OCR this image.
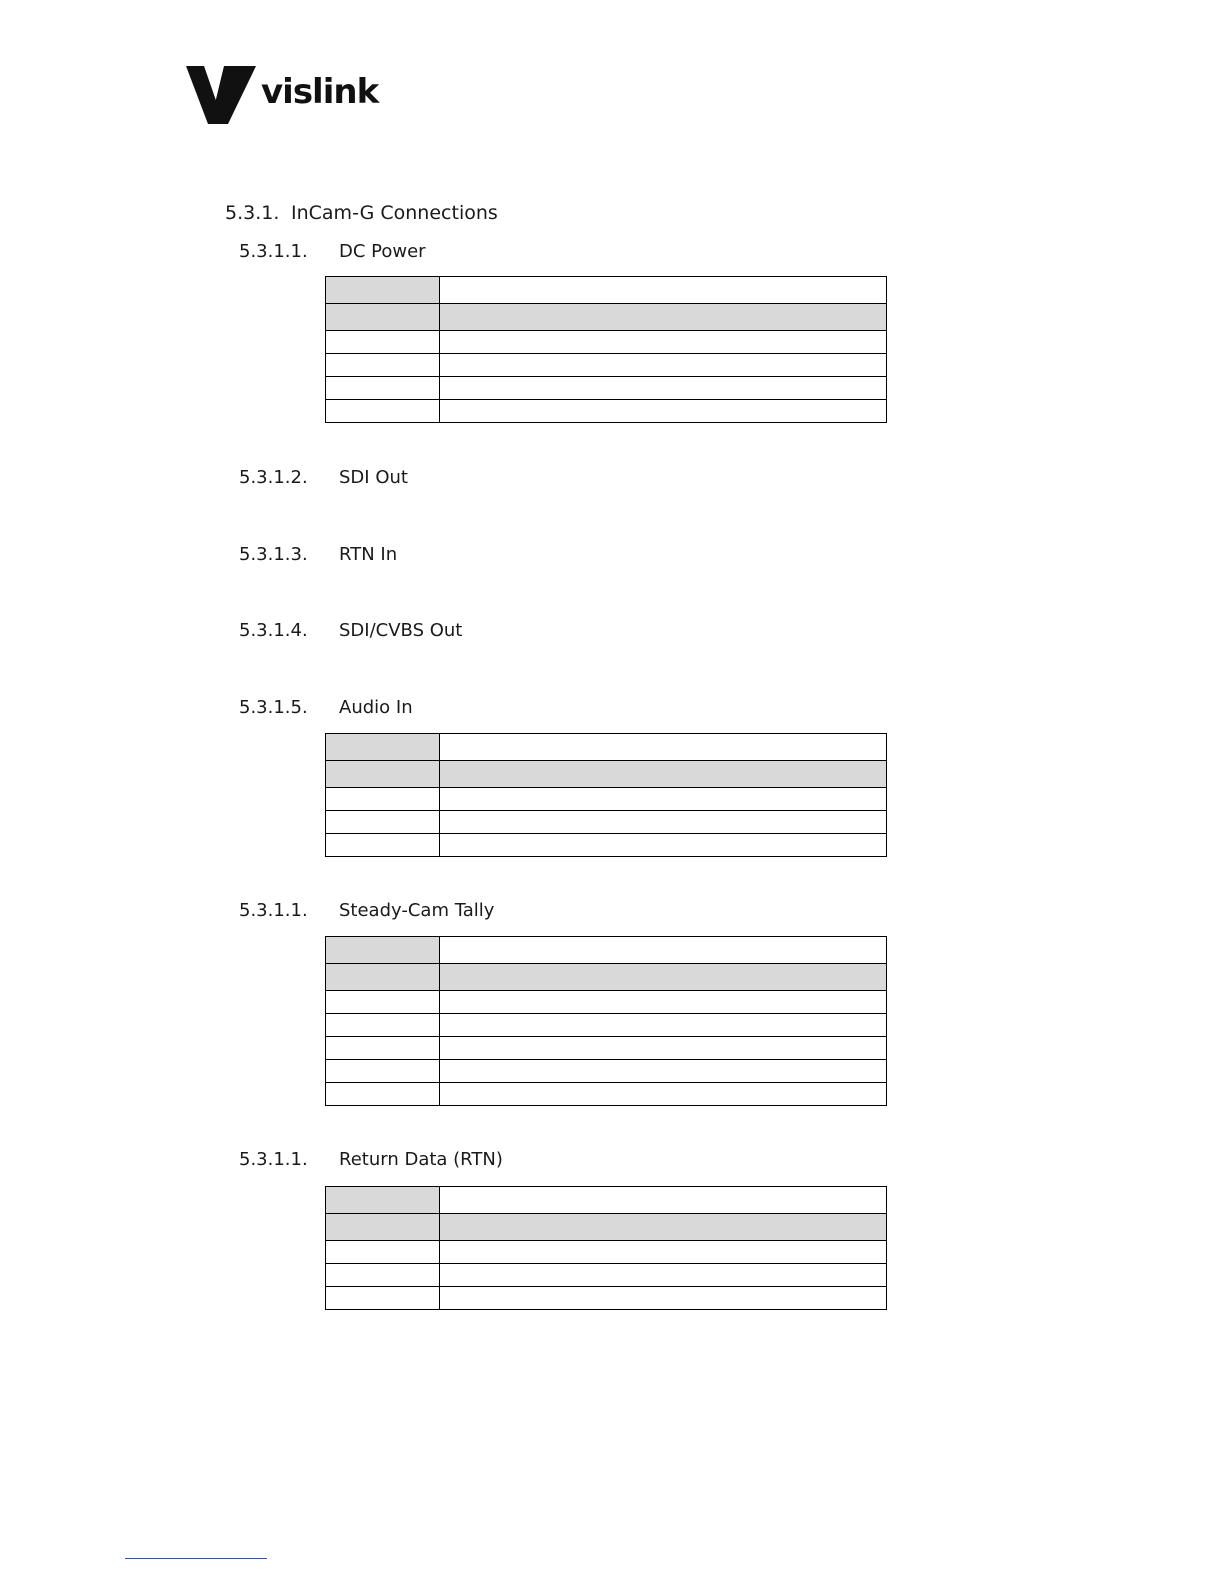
vislink
5.3.1. InCam-G Connections
5.3.1.1. DC Power

5.3.1.2. SDI Out
5.3.1.3. RTN In
5.3.1.4. SDI/CVBS Out
5.3.1.5. Audio In

5.3.1.1. Steady-Cam Tally

5.3.1.1. Return Data (RTN)
